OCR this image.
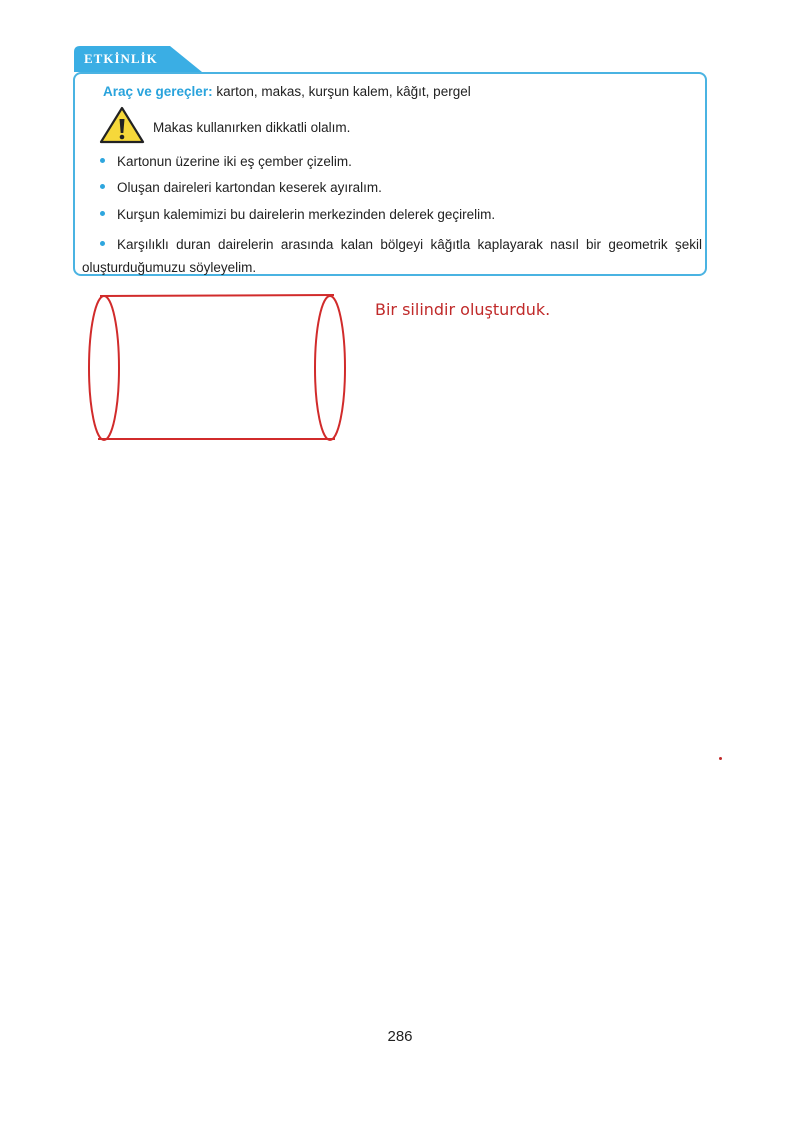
ETKİNLİK
Araç ve gereçler: karton, makas, kurşun kalem, kâğıt, pergel
Makas kullanırken dikkatli olalım.
Kartonun üzerine iki eş çember çizelim.
Oluşan daireleri kartondan keserek ayıralım.
Kurşun kalemimizi bu dairelerin merkezinden delerek geçirelim.
Karşılıklı duran dairelerin arasında kalan bölgeyi kâğıtla kaplayarak nasıl bir geometrik şekil oluşturduğumuzu söyleyelim.
Bir silindir oluşturduk.
286
